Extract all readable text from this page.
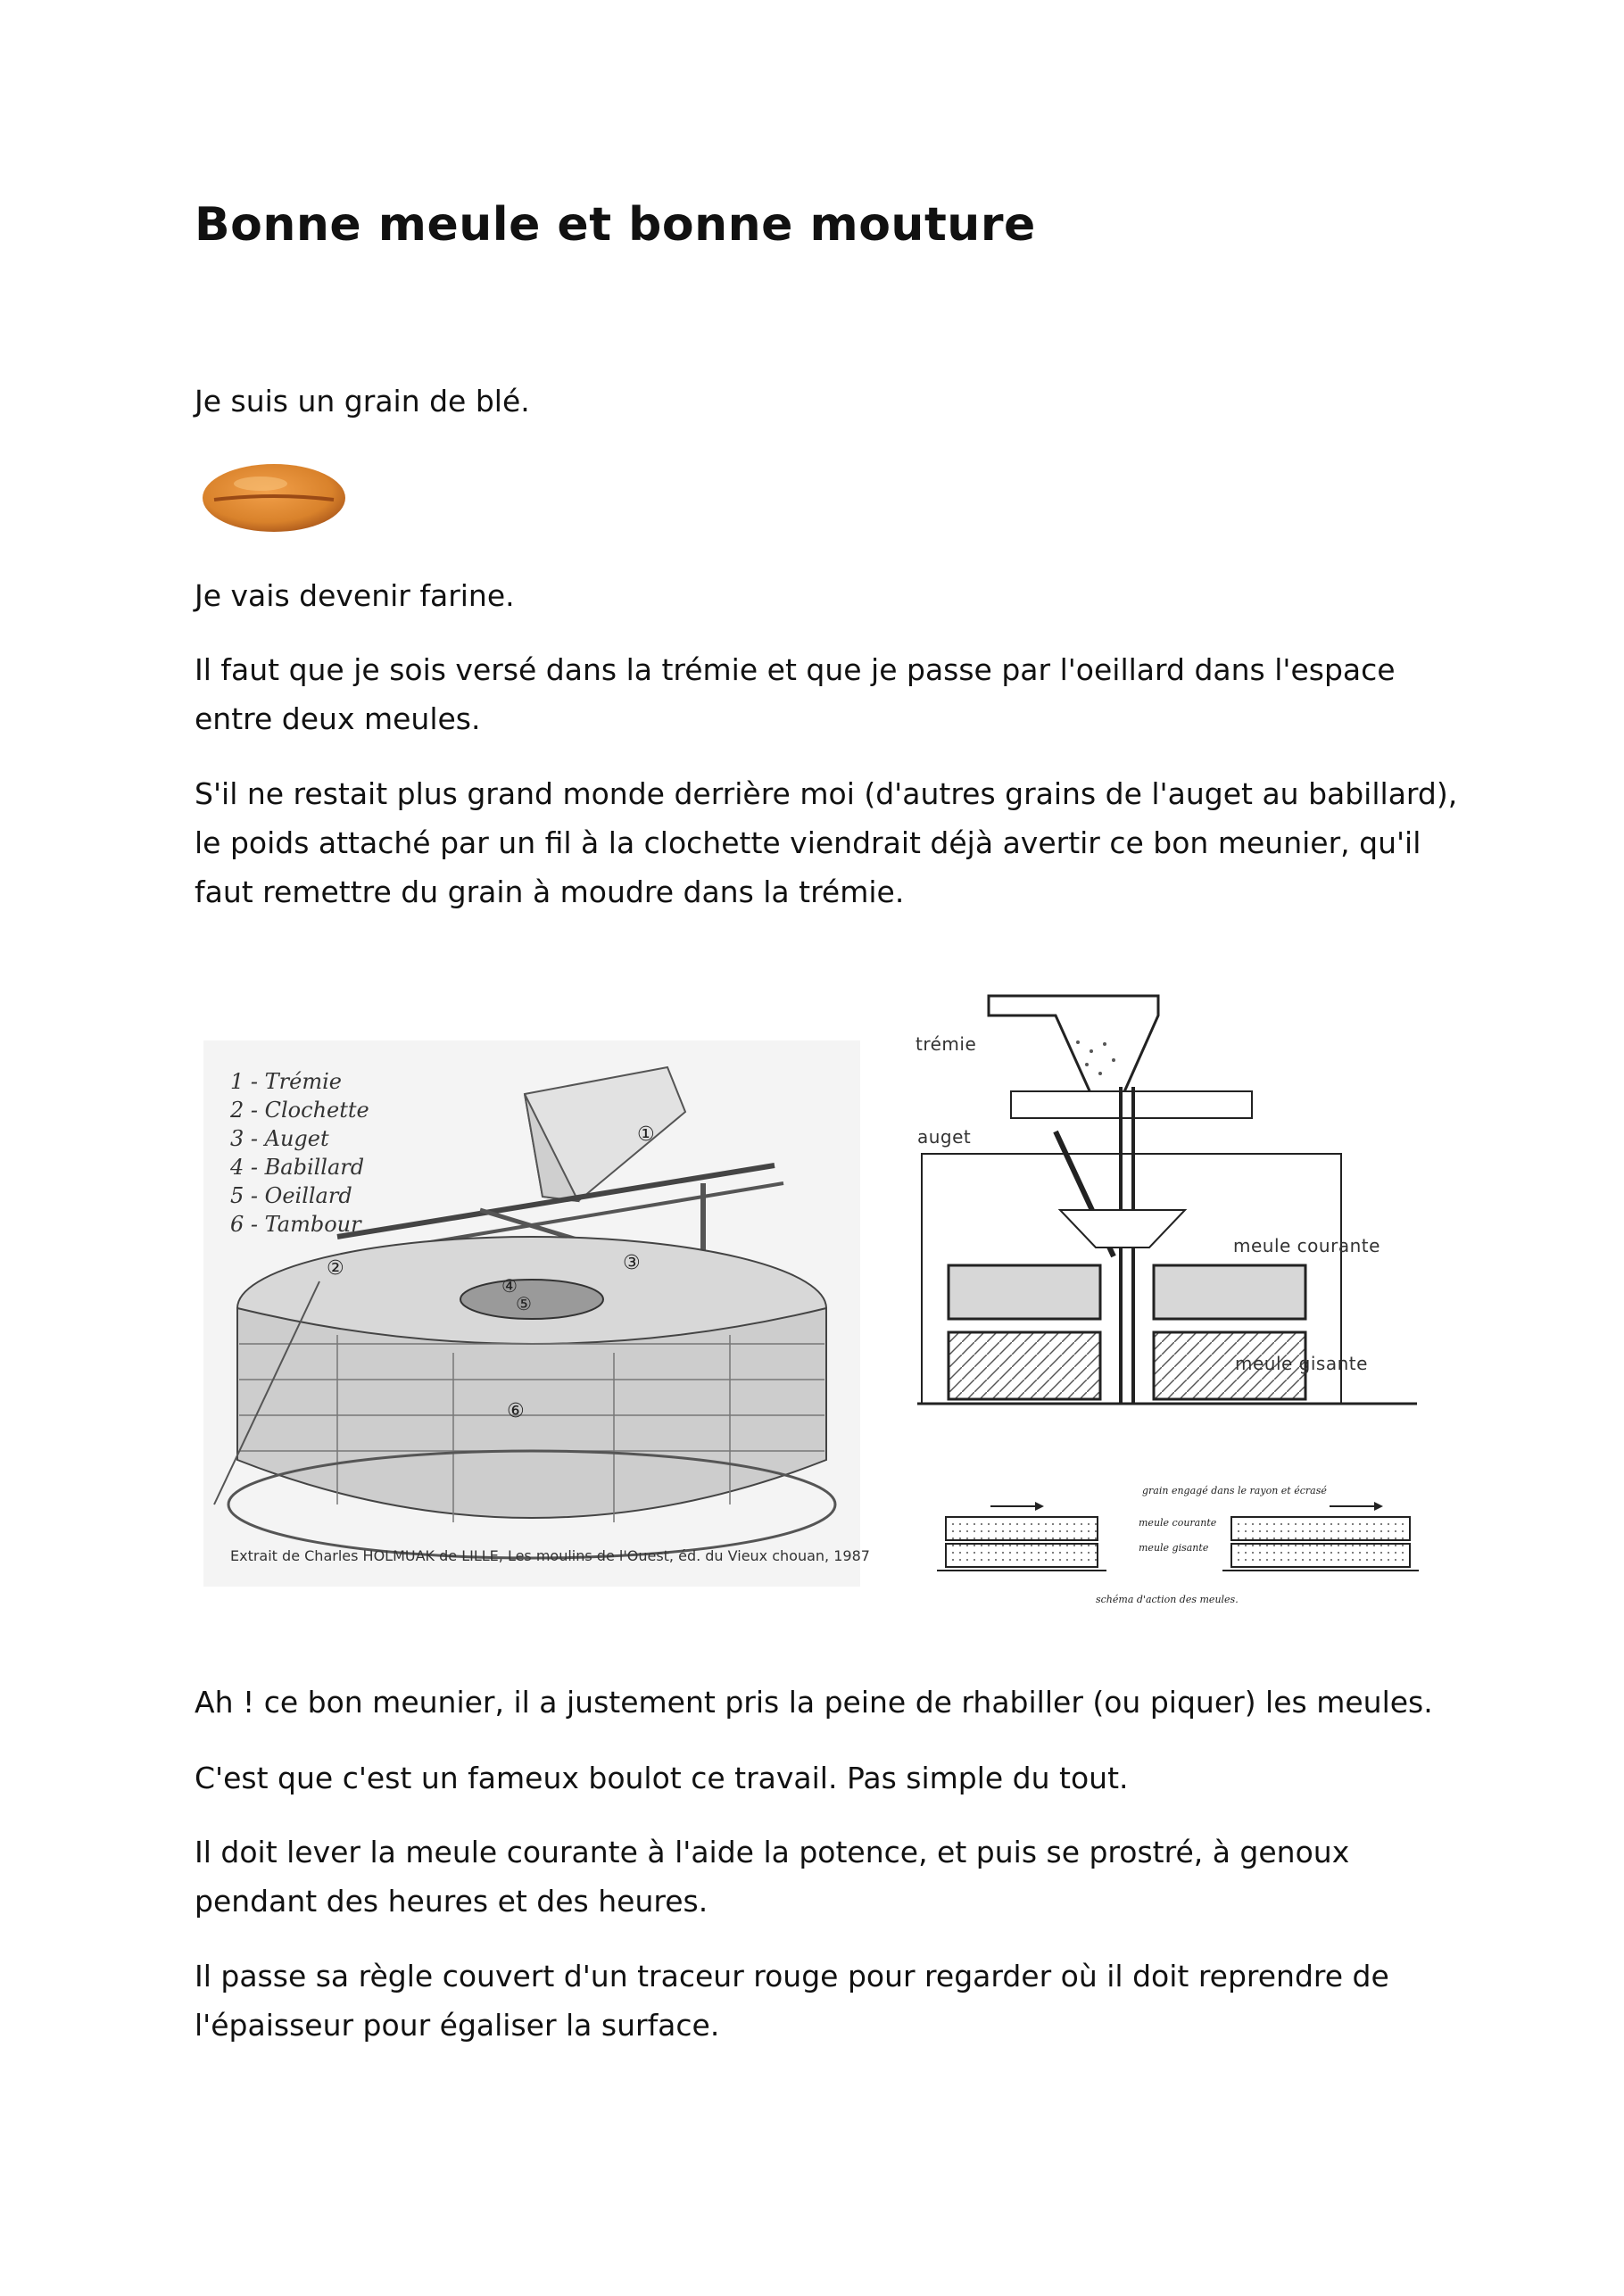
Bonne meule et bonne mouture

Je suis un grain de blé.

Je vais devenir farine.

Il faut que je sois versé dans la trémie et que je passe par l'oeillard dans l'espace entre deux meules.

S'il ne restait plus grand monde derrière moi (d'autres grains de l'auget au babillard), le poids attaché par un fil à la clochette viendrait déjà avertir ce bon meunier, qu'il faut remettre du grain à moudre dans la trémie.

①
②	③
④
⑤
⑥
1 - Trémie
2 - Clochette
3 - Auget
4 - Babillard
5 - Oeillard
6 - Tambour
Extrait de Charles HOLMUAK de LILLE, Les moulins de l'Ouest, éd. du Vieux chouan, 1987
trémie
auget
meule courante
meule gisante
grain engagé dans le rayon et écrasé
meule courante
meule gisante
schéma d'action des meules.

Ah ! ce bon meunier, il a justement pris la peine de rhabiller (ou piquer) les meules.

C'est que c'est un fameux boulot ce travail. Pas simple du tout.

Il doit lever la meule courante à l'aide la potence, et puis se prostré, à genoux pendant des heures et des heures.

Il passe sa règle couvert d'un traceur rouge pour regarder où il doit reprendre de l'épaisseur pour égaliser la surface.
